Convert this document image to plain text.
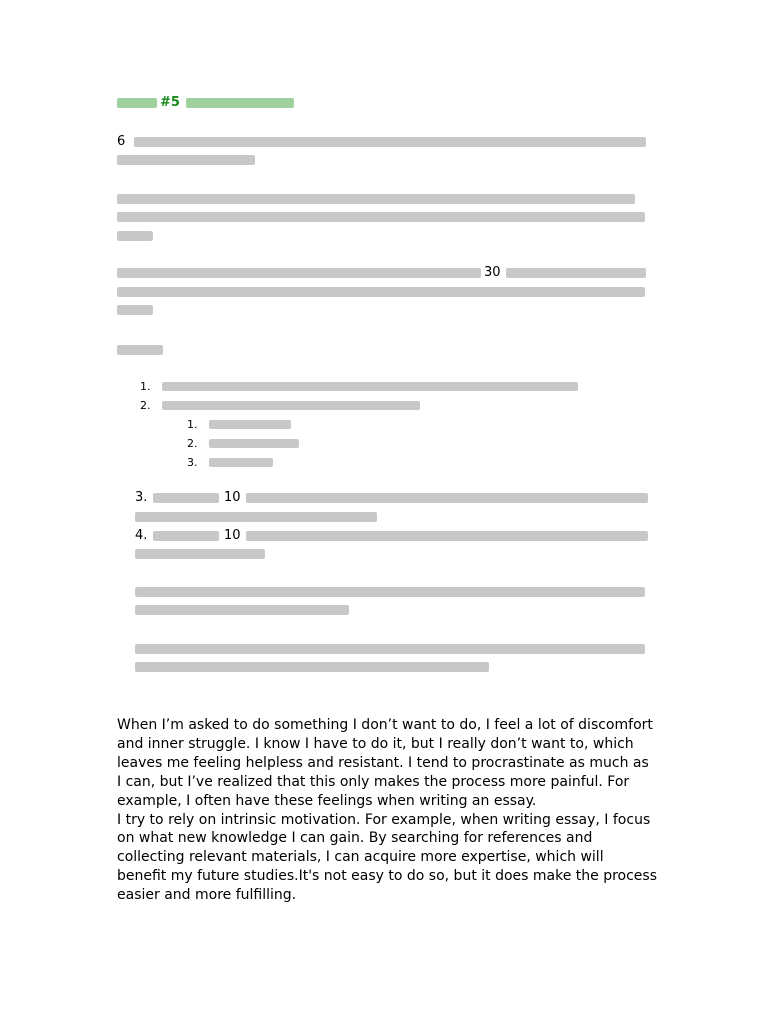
#5
6
30
1.
2.
1.
2.
3.
3.	10
4.	10

When I’m asked to do something I don’t want to do, I feel a lot of discomfort and inner struggle. I know I have to do it, but I really don’t want to, which leaves me feeling helpless and resistant. I tend to procrastinate as much as I can, but I’ve realized that this only makes the process more painful. For example, I often have these feelings when writing an essay.

I try to rely on intrinsic motivation. For example, when writing essay, I focus on what new knowledge I can gain. By searching for references and collecting relevant materials, I can acquire more expertise, which will benefit my future studies.It's not easy to do so, but it does make the process easier and more fulfilling.
